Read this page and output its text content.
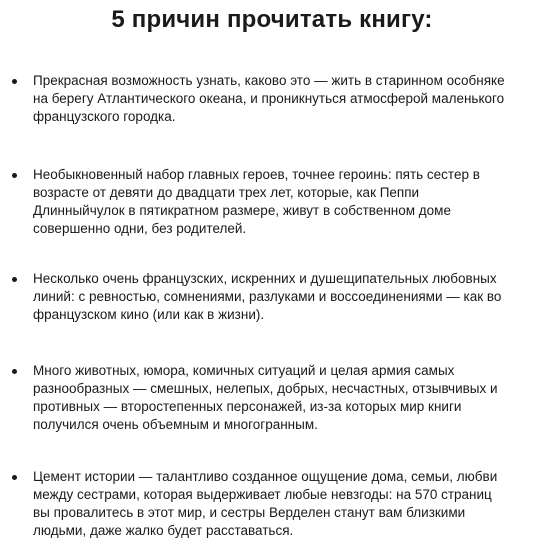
5 причин прочитать книгу:
Прекрасная возможность узнать, каково это — жить в старинном особняке
на берегу Атлантического океана, и проникнуться атмосферой маленького
французского городка.
Необыкновенный набор главных героев, точнее героинь: пять сестер в
возрасте от девяти до двадцати трех лет, которые, как Пеппи
Длинныйчулок в пятикратном размере, живут в собственном доме
совершенно одни, без родителей.
Несколько очень французских, искренних и душещипательных любовных
линий: с ревностью, сомнениями, разлуками и воссоединениями — как во
французском кино (или как в жизни).
Много животных, юмора, комичных ситуаций и целая армия самых
разнообразных — смешных, нелепых, добрых, несчастных, отзывчивых и
противных — второстепенных персонажей, из-за которых мир книги
получился очень объемным и многогранным.
Цемент истории — талантливо созданное ощущение дома, семьи, любви
между сестрами, которая выдерживает любые невзгоды: на 570 страниц
вы провалитесь в этот мир, и сестры Верделен станут вам близкими
людьми, даже жалко будет расставаться.
